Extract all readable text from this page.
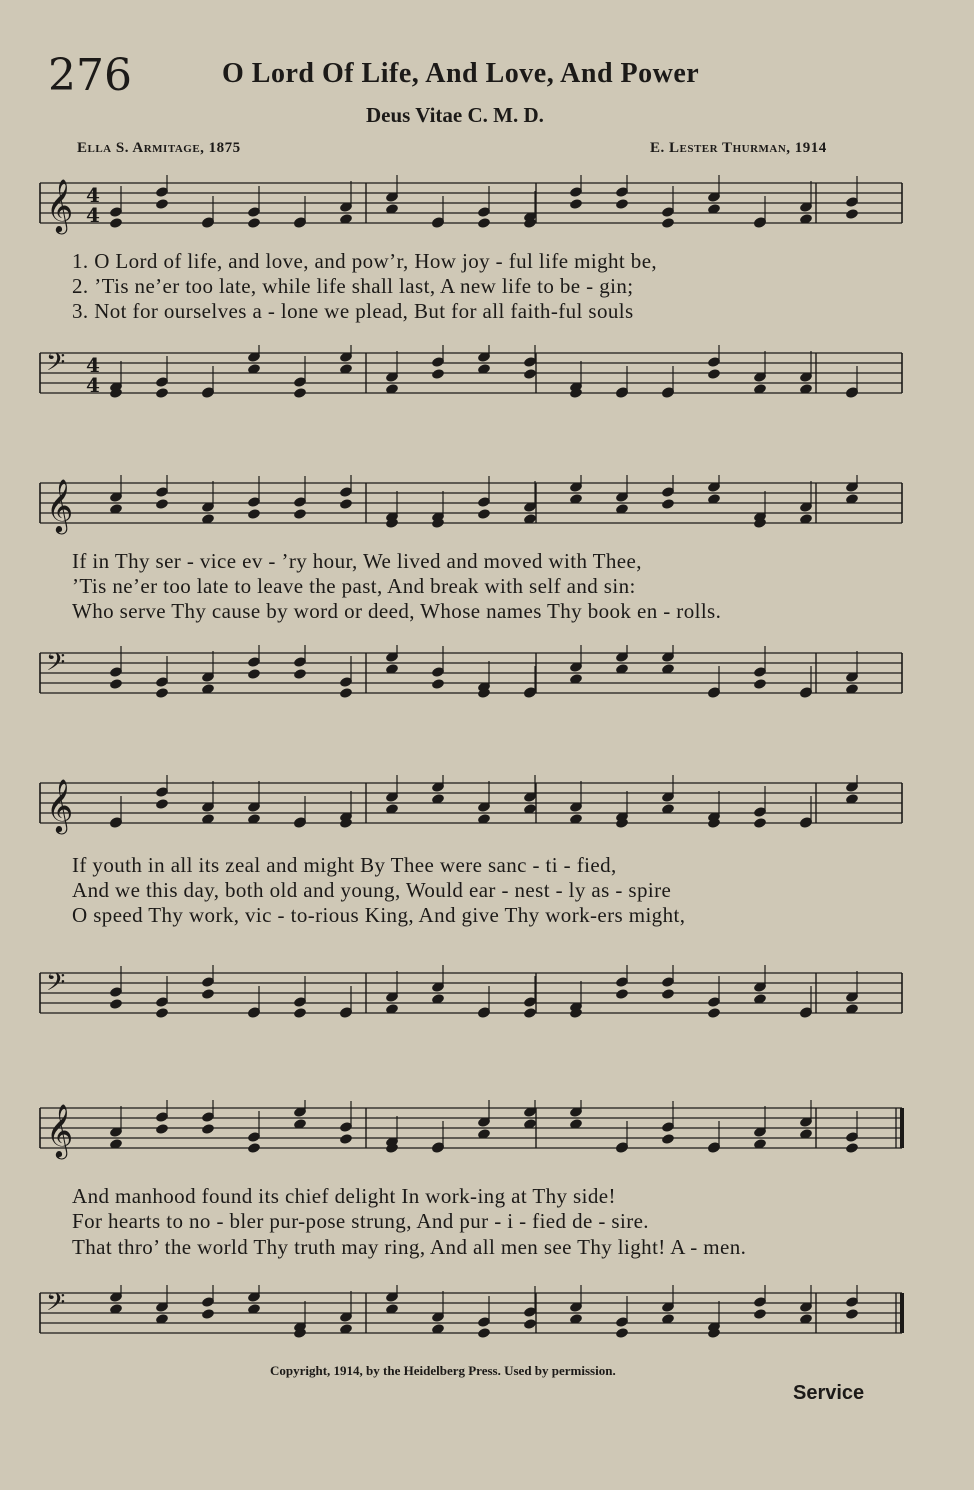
276	O Lord Of Life, And Love, And Power
Deus Vitae C. M. D.
Ella S. Armitage, 1875	E. Lester Thurman, 1914
𝄞 4
4
1. O Lord of life, and love, and pow’r, How joy - ful life might be,
2. ’Tis ne’er too late, while life shall last, A new life to be - gin;
3. Not for ourselves a - lone we plead, But for all faith-ful souls
𝄢 4
4
𝄞
If in Thy ser - vice ev - ’ry hour, We lived and moved with Thee,
’Tis ne’er too late to leave the past, And break with self and sin:
Who serve Thy cause by word or deed, Whose names Thy book en - rolls.
𝄢
𝄞
If youth in all its zeal and might By Thee were sanc - ti - fied,
And we this day, both old and young, Would ear - nest - ly as - spire
O speed Thy work, vic - to-rious King, And give Thy work-ers might,
𝄢
𝄞
And manhood found its chief delight In work-ing at Thy side!
For hearts to no - bler pur-pose strung, And pur - i - fied de - sire.
That thro’ the world Thy truth may ring, And all men see Thy light! A - men.
𝄢
Copyright, 1914, by the Heidelberg Press. Used by permission.
Service
